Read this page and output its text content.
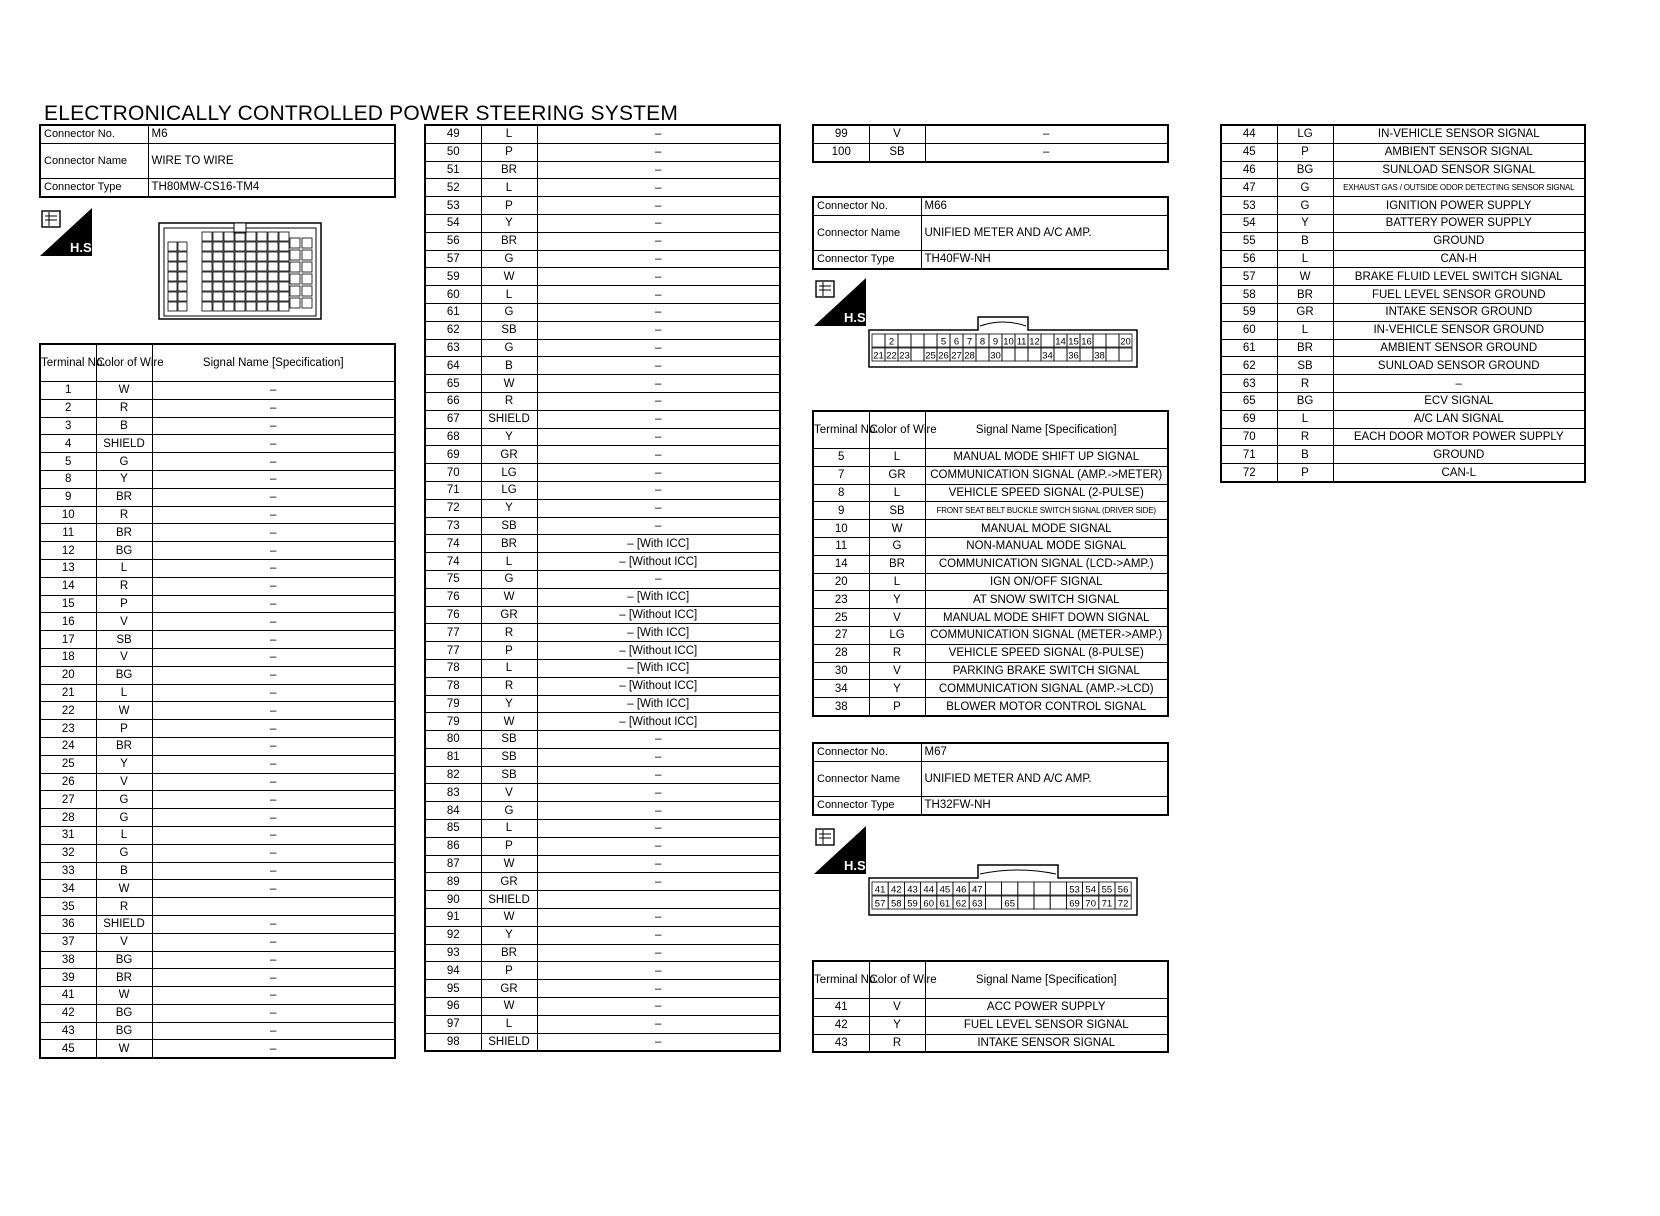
ELECTRONICALLY CONTROLLED POWER STEERING SYSTEM
Connector No.	M6
Connector Name	WIRE TO WIRE
Connector Type	TH80MW-CS16-TM4
H.S.
Terminal No.	Color of Wire	Signal Name [Specification]
1	W	–
2	R	–
3	B	–
4	SHIELD	–
5	G	–
8	Y	–
9	BR	–
10	R	–
11	BR	–
12	BG	–
13	L	–
14	R	–
15	P	–
16	V	–
17	SB	–
18	V	–
20	BG	–
21	L	–
22	W	–
23	P	–
24	BR	–
25	Y	–
26	V	–
27	G	–
28	G	–
31	L	–
32	G	–
33	B	–
34	W	–
35	R	
36	SHIELD	–
37	V	–
38	BG	–
39	BR	–
41	W	–
42	BG	–
43	BG	–
45	W	–
49	L	–
50	P	–
51	BR	–
52	L	–
53	P	–
54	Y	–
56	BR	–
57	G	–
59	W	–
60	L	–
61	G	–
62	SB	–
63	G	–
64	B	–
65	W	–
66	R	–
67	SHIELD	–
68	Y	–
69	GR	–
70	LG	–
71	LG	–
72	Y	–
73	SB	–
74	BR	– [With ICC]
74	L	– [Without ICC]
75	G	–
76	W	– [With ICC]
76	GR	– [Without ICC]
77	R	– [With ICC]
77	P	– [Without ICC]
78	L	– [With ICC]
78	R	– [Without ICC]
79	Y	– [With ICC]
79	W	– [Without ICC]
80	SB	–
81	SB	–
82	SB	–
83	V	–
84	G	–
85	L	–
86	P	–
87	W	–
89	GR	–
90	SHIELD	
91	W	–
92	Y	–
93	BR	–
94	P	–
95	GR	–
96	W	–
97	L	–
98	SHIELD	–
99	V	–
100	SB	–
Connector No.	M66
Connector Name	UNIFIED METER AND A/C AMP.
Connector Type	TH40FW-NH
H.S.
2	5 6 7 8 9 10 11 12 14 15 16	20
21 22 23 25 26 27 28 30	34 36 38
Terminal No.	Color of Wire	Signal Name [Specification]
5	L	MANUAL MODE SHIFT UP SIGNAL
7	GR	COMMUNICATION SIGNAL (AMP.->METER)
8	L	VEHICLE SPEED SIGNAL (2-PULSE)
9	SB	FRONT SEAT BELT BUCKLE SWITCH SIGNAL (DRIVER SIDE)
10	W	MANUAL MODE SIGNAL
11	G	NON-MANUAL MODE SIGNAL
14	BR	COMMUNICATION SIGNAL (LCD->AMP.)
20	L	IGN ON/OFF SIGNAL
23	Y	AT SNOW SWITCH SIGNAL
25	V	MANUAL MODE SHIFT DOWN SIGNAL
27	LG	COMMUNICATION SIGNAL (METER->AMP.)
28	R	VEHICLE SPEED SIGNAL (8-PULSE)
30	V	PARKING BRAKE SWITCH SIGNAL
34	Y	COMMUNICATION SIGNAL (AMP.->LCD)
38	P	BLOWER MOTOR CONTROL SIGNAL
Connector No.	M67
Connector Name	UNIFIED METER AND A/C AMP.
Connector Type	TH32FW-NH
H.S.
41 42 43 44 45 46 47	53 54 55 56
57 58 59 60 61 62 63 65	69 70 71 72
Terminal No.	Color of Wire	Signal Name [Specification]
41	V	ACC POWER SUPPLY
42	Y	FUEL LEVEL SENSOR SIGNAL
43	R	INTAKE SENSOR SIGNAL
44	LG	IN-VEHICLE SENSOR SIGNAL
45	P	AMBIENT SENSOR SIGNAL
46	BG	SUNLOAD SENSOR SIGNAL
47	G	EXHAUST GAS / OUTSIDE ODOR DETECTING SENSOR SIGNAL
53	G	IGNITION POWER SUPPLY
54	Y	BATTERY POWER SUPPLY
55	B	GROUND
56	L	CAN-H
57	W	BRAKE FLUID LEVEL SWITCH SIGNAL
58	BR	FUEL LEVEL SENSOR GROUND
59	GR	INTAKE SENSOR GROUND
60	L	IN-VEHICLE SENSOR GROUND
61	BR	AMBIENT SENSOR GROUND
62	SB	SUNLOAD SENSOR GROUND
63	R	–
65	BG	ECV SIGNAL
69	L	A/C LAN SIGNAL
70	R	EACH DOOR MOTOR POWER SUPPLY
71	B	GROUND
72	P	CAN-L
